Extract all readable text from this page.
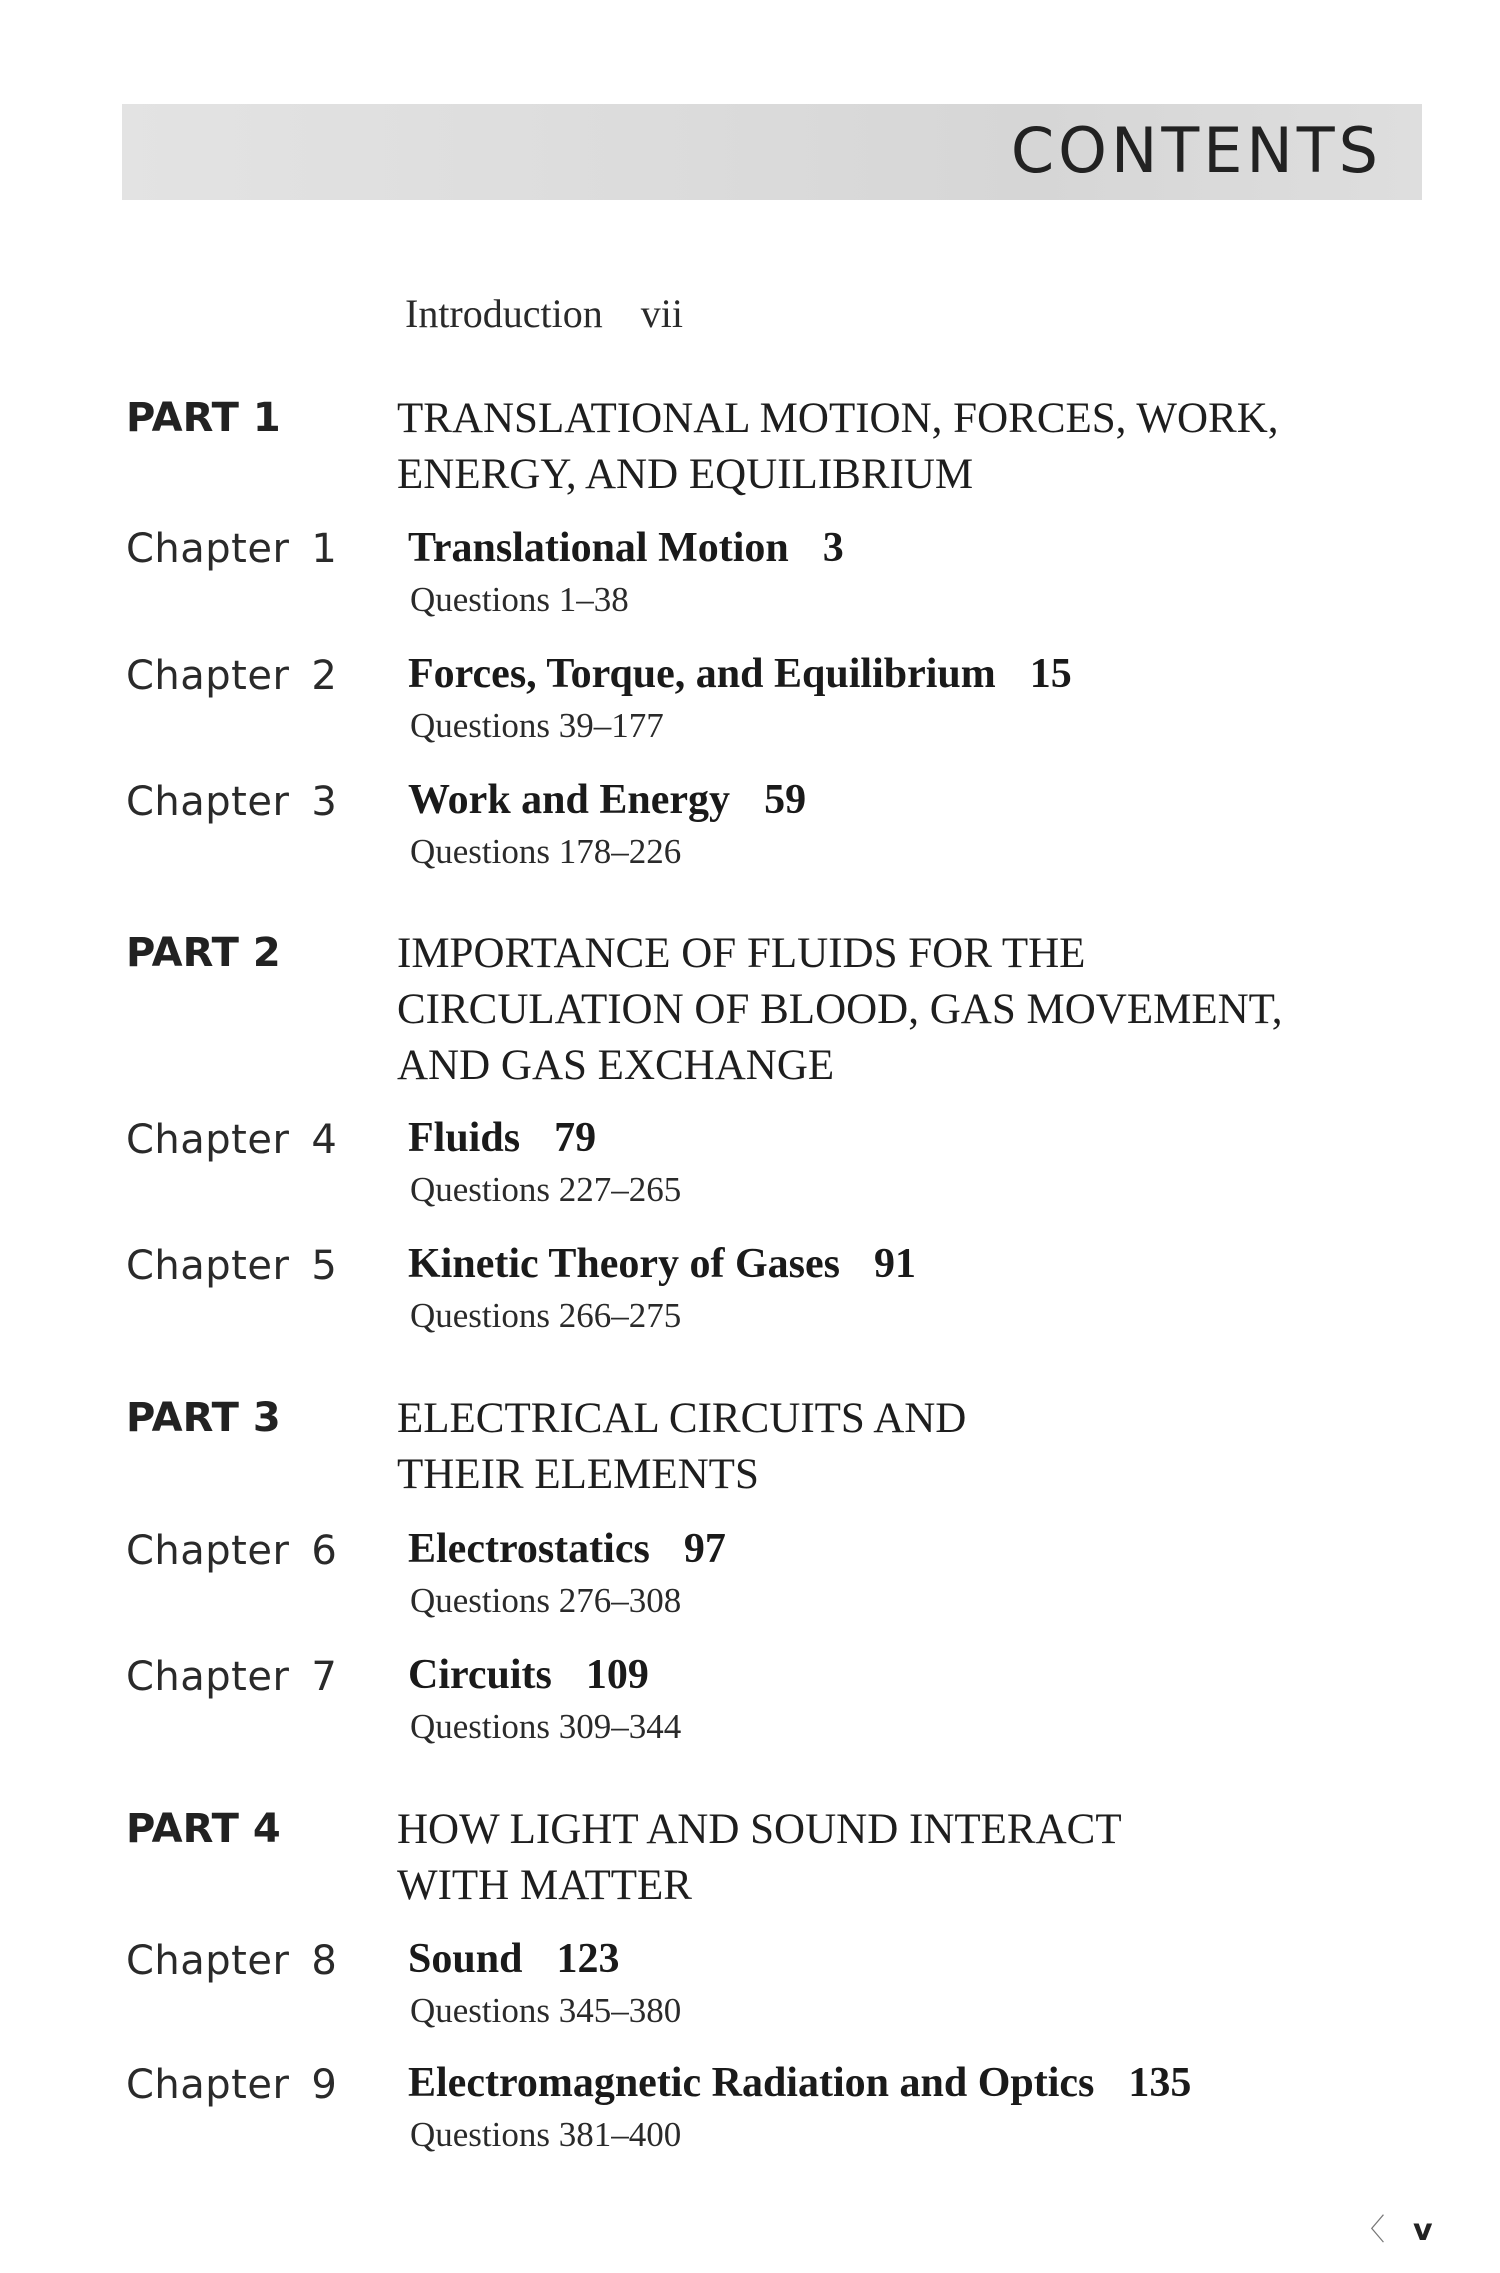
CONTENTS
Introduction vii
PART 1	TRANSLATIONAL MOTION, FORCES, WORK,
ENERGY, AND EQUILIBRIUM
Chapter 1 Translational Motion 3
Questions 1–38
Chapter 2 Forces, Torque, and Equilibrium 15
Questions 39–177
Chapter 3 Work and Energy 59
Questions 178–226
PART 2	IMPORTANCE OF FLUIDS FOR THE
CIRCULATION OF BLOOD, GAS MOVEMENT,
AND GAS EXCHANGE
Chapter 4 Fluids 79
Questions 227–265
Chapter 5 Kinetic Theory of Gases 91
Questions 266–275
PART 3	ELECTRICAL CIRCUITS AND
THEIR ELEMENTS
Chapter 6 Electrostatics 97
Questions 276–308
Chapter 7 Circuits 109
Questions 309–344
PART 4	HOW LIGHT AND SOUND INTERACT
WITH MATTER
Chapter 8 Sound 123
Questions 345–380
Chapter 9 Electromagnetic Radiation and Optics 135
Questions 381–400
〈 v
